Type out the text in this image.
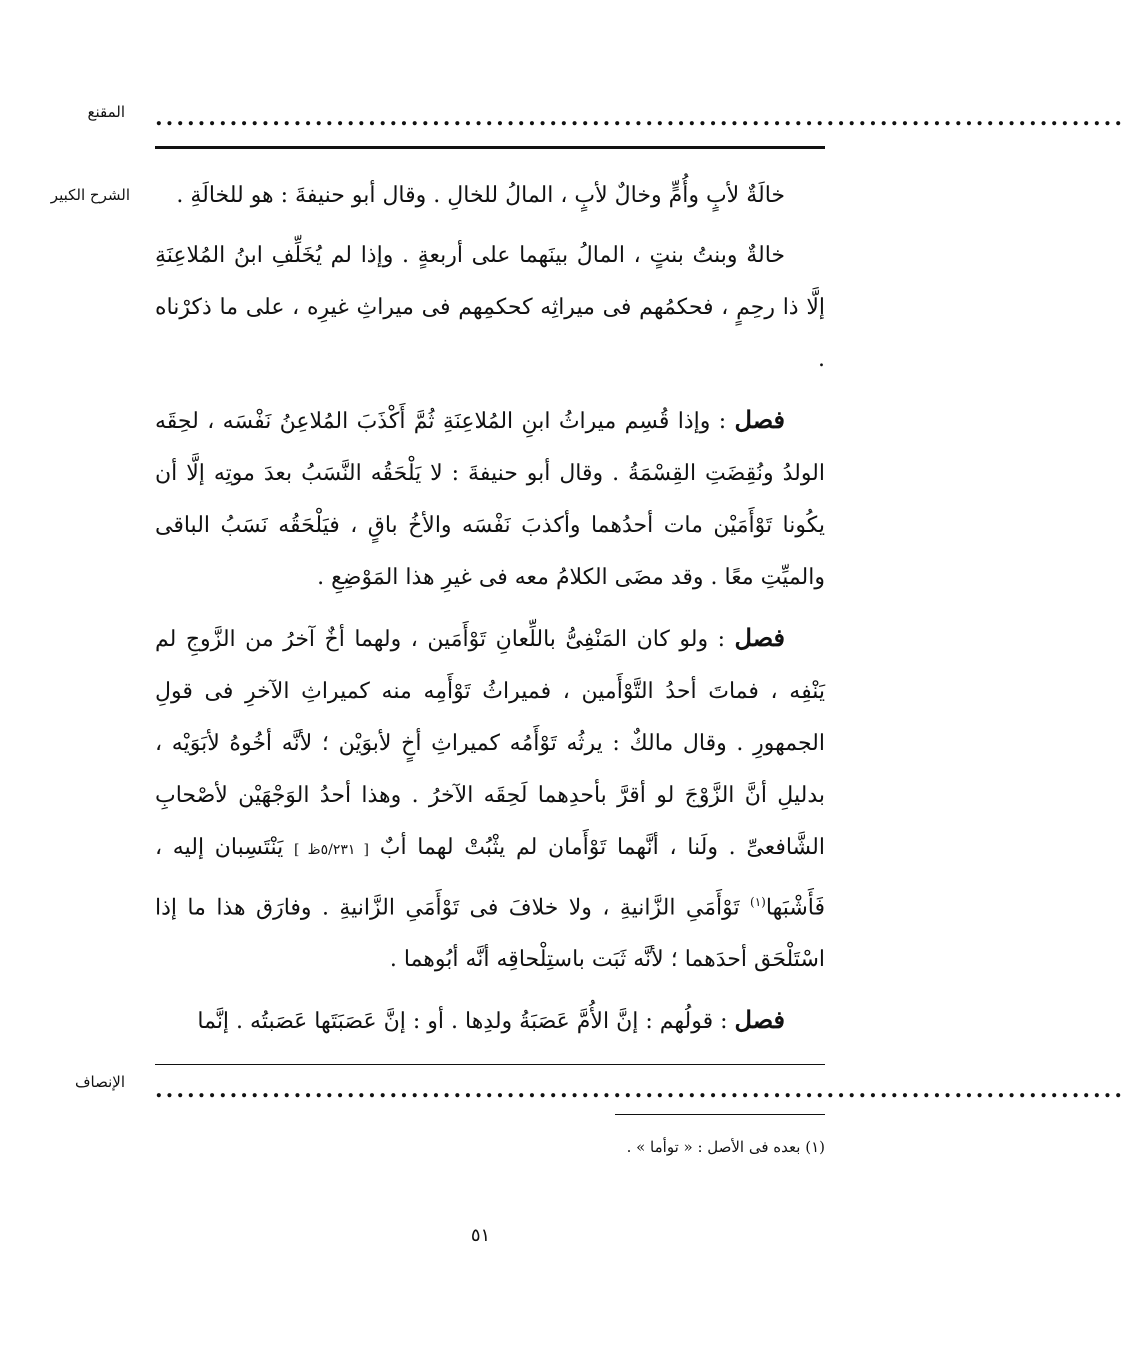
المقنع ...........................................................................................
الشرح الكبير	خالَةٌ لأبٍ وأُمٍّ وخالٌ لأبٍ ، المالُ للخالِ . وقال أبو حنيفةَ : هو للخالَةِ .

خالةٌ وبنتُ بنتٍ ، المالُ بينَهما على أربعةٍ . وإذا لم يُخَلِّفِ ابنُ المُلاعِنَةِ إلَّا ذا رحِمٍ ، فحكمُهم فى ميراثِه كحكمِهم فى ميراثِ غيرِه ، على ما ذكرْناه .

فصل : وإذا قُسِم ميراثُ ابنِ المُلاعِنَةِ ثُمَّ أَكْذَبَ المُلاعِنُ نَفْسَه ، لحِقَه الولدُ ونُقِضَتِ القِسْمَةُ . وقال أبو حنيفةَ : لا يَلْحَقُه النَّسَبُ بعدَ موتِه إلَّا أن يكُونا تَوْأَمَيْن مات أحدُهما وأكذبَ نَفْسَه والأخُ باقٍ ، فيَلْحَقُه نَسَبُ الباقى والميِّتِ معًا . وقد مضَى الكلامُ معه فى غيرِ هذا المَوْضِعِ .

فصل : ولو كان المَنْفِىُّ باللِّعانِ تَوْأَمَين ، ولهما أخٌ آخرُ من الزَّوجِ لم يَنْفِه ، فماتَ أحدُ التَّوْأَمين ، فميراثُ تَوْأَمِه منه كميراثِ الآخرِ فى قولِ الجمهورِ . وقال مالكٌ : يرثُه تَوْأَمُه كميراثِ أخٍ لأبوَيْن ؛ لأنَّه أخُوهُ لأبَوَيْه ، بدليلِ أنَّ الزَّوْجَ لو أقرَّ بأحدِهما لَحِقَه الآخرُ . وهذا أحدُ الوَجْهَيْن لأصْحابِ الشَّافعىِّ . ولَنا ، أنَّهما تَوْأَمان لم يثْبُتْ لهما أبٌ [ ٥/٢٣١ظ ] يَنْتَسِبان إليه ، فَأَشْبَها$^{(١)}$ تَوْأَمَىِ الزَّانيةِ ، ولا خلافَ فى تَوْأَمَىِ الزَّانيةِ . وفارَق هذا ما إذا اسْتَلْحَق أحدَهما ؛ لأنَّه ثَبَت باستِلْحاقِه أنَّه أبُوهما .

فصل : قولُهم : إنَّ الأُمَّ عَصَبَةُ ولدِها . أو : إنَّ عَصَبَتَها عَصَبتُه . إنَّما

الإنصاف ...........................................................................................
(١) بعده فى الأصل : « توأما » .
٥١
